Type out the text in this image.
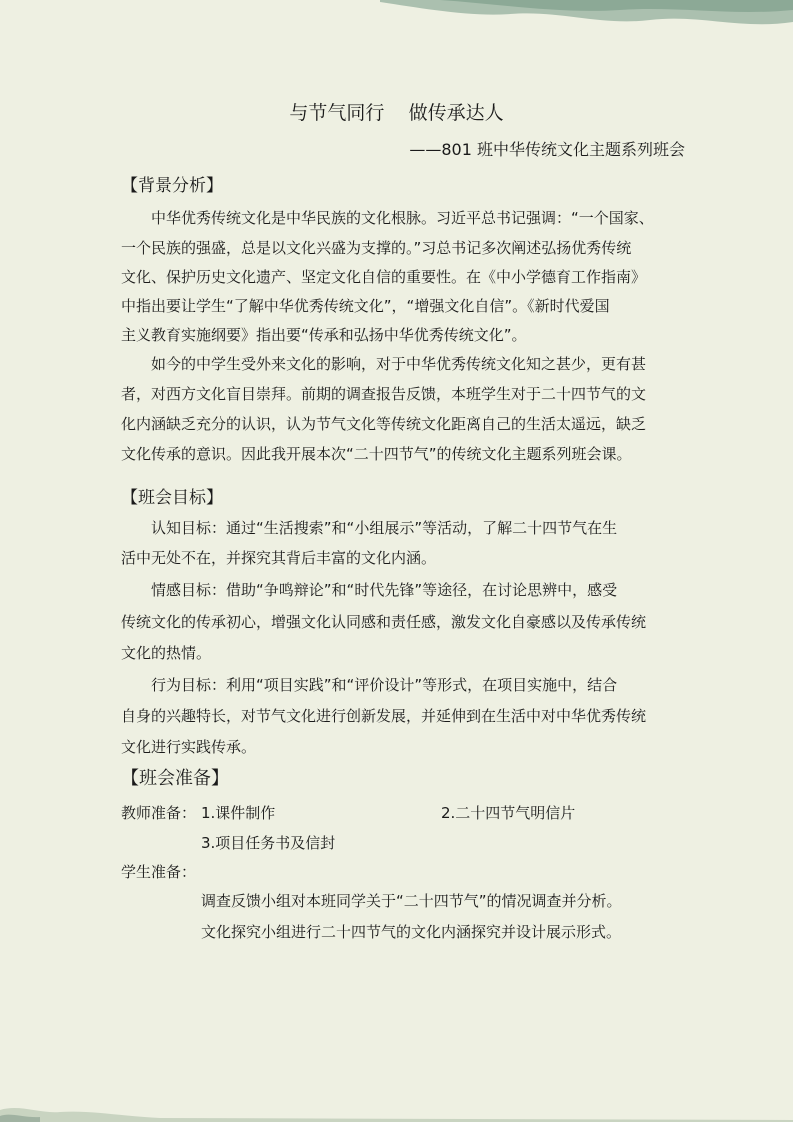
与节气同行    做传承达人
——801 班中华传统文化主题系列班会
【背景分析】
中华优秀传统文化是中华民族的文化根脉。习近平总书记强调：“一个国家、
一个民族的强盛，总是以文化兴盛为支撑的。”习总书记多次阐述弘扬优秀传统
文化、保护历史文化遗产、坚定文化自信的重要性。在《中小学德育工作指南》
中指出要让学生“了解中华优秀传统文化”，“增强文化自信”。《新时代爱国
主义教育实施纲要》指出要“传承和弘扬中华优秀传统文化”。
如今的中学生受外来文化的影响，对于中华优秀传统文化知之甚少，更有甚
者，对西方文化盲目崇拜。前期的调查报告反馈，本班学生对于二十四节气的文
化内涵缺乏充分的认识，认为节气文化等传统文化距离自己的生活太遥远，缺乏
文化传承的意识。因此我开展本次“二十四节气”的传统文化主题系列班会课。
【班会目标】
认知目标：通过“生活搜索”和“小组展示”等活动，了解二十四节气在生
活中无处不在，并探究其背后丰富的文化内涵。
情感目标：借助“争鸣辩论”和“时代先锋”等途径，在讨论思辨中，感受
传统文化的传承初心，增强文化认同感和责任感，激发文化自豪感以及传承传统
文化的热情。
行为目标：利用“项目实践”和“评价设计”等形式，在项目实施中，结合
自身的兴趣特长，对节气文化进行创新发展，并延伸到在生活中对中华优秀传统
文化进行实践传承。
【班会准备】
教师准备： 1.课件制作	2.二十四节气明信片
3.项目任务书及信封
学生准备：
调查反馈小组对本班同学关于“二十四节气”的情况调查并分析。
文化探究小组进行二十四节气的文化内涵探究并设计展示形式。
